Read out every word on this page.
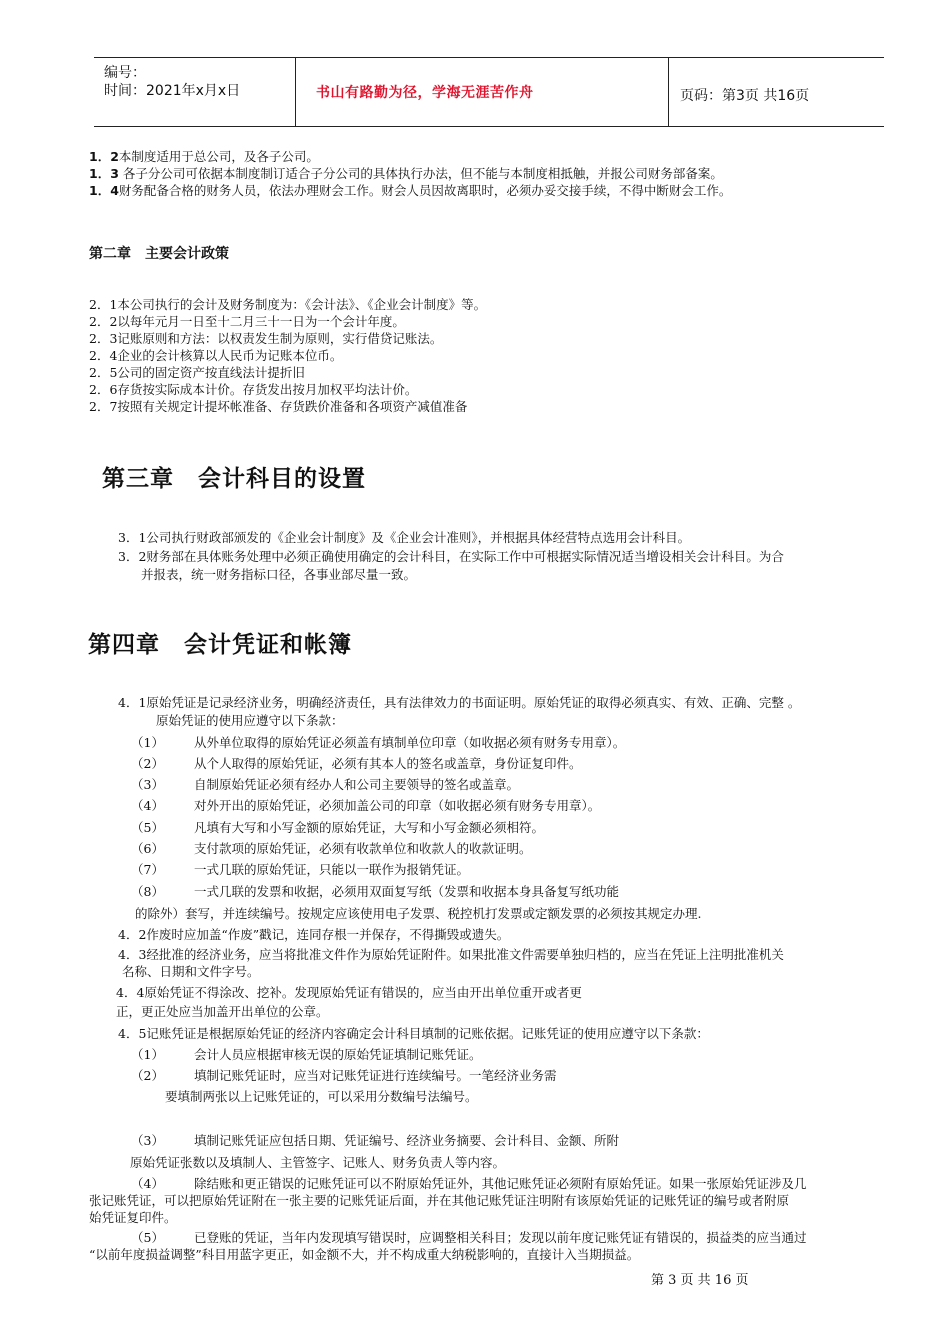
编号：
时间：2021年x月x日	书山有路勤为径，学海无涯苦作舟	页码：第3页 共16页
1．2本制度适用于总公司，及各子公司。
1．3 各子分公司可依据本制度制订适合子分公司的具体执行办法，但不能与本制度相抵触，并报公司财务部备案。
1．4财务配备合格的财务人员，依法办理财会工作。财会人员因故离职时，必须办妥交接手续，不得中断财会工作。
第二章　主要会计政策
2．1本公司执行的会计及财务制度为：《会计法》、《企业会计制度》等。
2．2以每年元月一日至十二月三十一日为一个会计年度。
2．3记账原则和方法：以权责发生制为原则，实行借贷记账法。
2．4企业的会计核算以人民币为记账本位币。
2．5公司的固定资产按直线法计提折旧
2．6存货按实际成本计价。存货发出按月加权平均法计价。
2．7按照有关规定计提坏帐准备、存货跌价准备和各项资产减值准备
第三章　会计科目的设置
3．1公司执行财政部颁发的《企业会计制度》及《企业会计准则》，并根据具体经营特点选用会计科目。
3．2财务部在具体账务处理中必须正确使用确定的会计科目，在实际工作中可根据实际情况适当增设相关会计科目。为合
并报表，统一财务指标口径，各事业部尽量一致。
第四章　会计凭证和帐簿
4．1原始凭证是记录经济业务，明确经济责任，具有法律效力的书面证明。原始凭证的取得必须真实、有效、正确、完整 。
原始凭证的使用应遵守以下条款：
（1） 从外单位取得的原始凭证必须盖有填制单位印章（如收据必须有财务专用章）。
（2） 从个人取得的原始凭证，必须有其本人的签名或盖章，身份证复印件。
（3） 自制原始凭证必须有经办人和公司主要领导的签名或盖章。
（4） 对外开出的原始凭证，必须加盖公司的印章（如收据必须有财务专用章）。
（5） 凡填有大写和小写金额的原始凭证，大写和小写金额必须相符。
（6） 支付款项的原始凭证，必须有收款单位和收款人的收款证明。
（7） 一式几联的原始凭证，只能以一联作为报销凭证。
（8） 一式几联的发票和收据，必须用双面复写纸（发票和收据本身具备复写纸功能
的除外）套写，并连续编号。按规定应该使用电子发票、税控机打发票或定额发票的必须按其规定办理.
4．2作废时应加盖“作废”戳记，连同存根一并保存，不得撕毁或遗失。
4．3经批准的经济业务，应当将批准文件作为原始凭证附件。如果批准文件需要单独归档的，应当在凭证上注明批准机关
名称、日期和文件字号。
4．4原始凭证不得涂改、挖补。发现原始凭证有错误的，应当由开出单位重开或者更
正，更正处应当加盖开出单位的公章。
4．5记账凭证是根据原始凭证的经济内容确定会计科目填制的记账依据。记账凭证的使用应遵守以下条款：
（1） 会计人员应根据审核无误的原始凭证填制记账凭证。
（2） 填制记账凭证时，应当对记账凭证进行连续编号。一笔经济业务需
要填制两张以上记账凭证的，可以采用分数编号法编号。
（3） 填制记账凭证应包括日期、凭证编号、经济业务摘要、会计科目、金额、所附
原始凭证张数以及填制人、主管签字、记账人、财务负责人等内容。
（4） 除结账和更正错误的记账凭证可以不附原始凭证外，其他记账凭证必须附有原始凭证。如果一张原始凭证涉及几
张记账凭证，可以把原始凭证附在一张主要的记账凭证后面，并在其他记账凭证注明附有该原始凭证的记账凭证的编号或者附原
始凭证复印件。
（5） 已登账的凭证，当年内发现填写错误时，应调整相关科目；发现以前年度记账凭证有错误的，损益类的应当通过
“以前年度损益调整”科目用蓝字更正，如金额不大，并不构成重大纳税影响的，直接计入当期损益。
第 3 页 共 16 页
